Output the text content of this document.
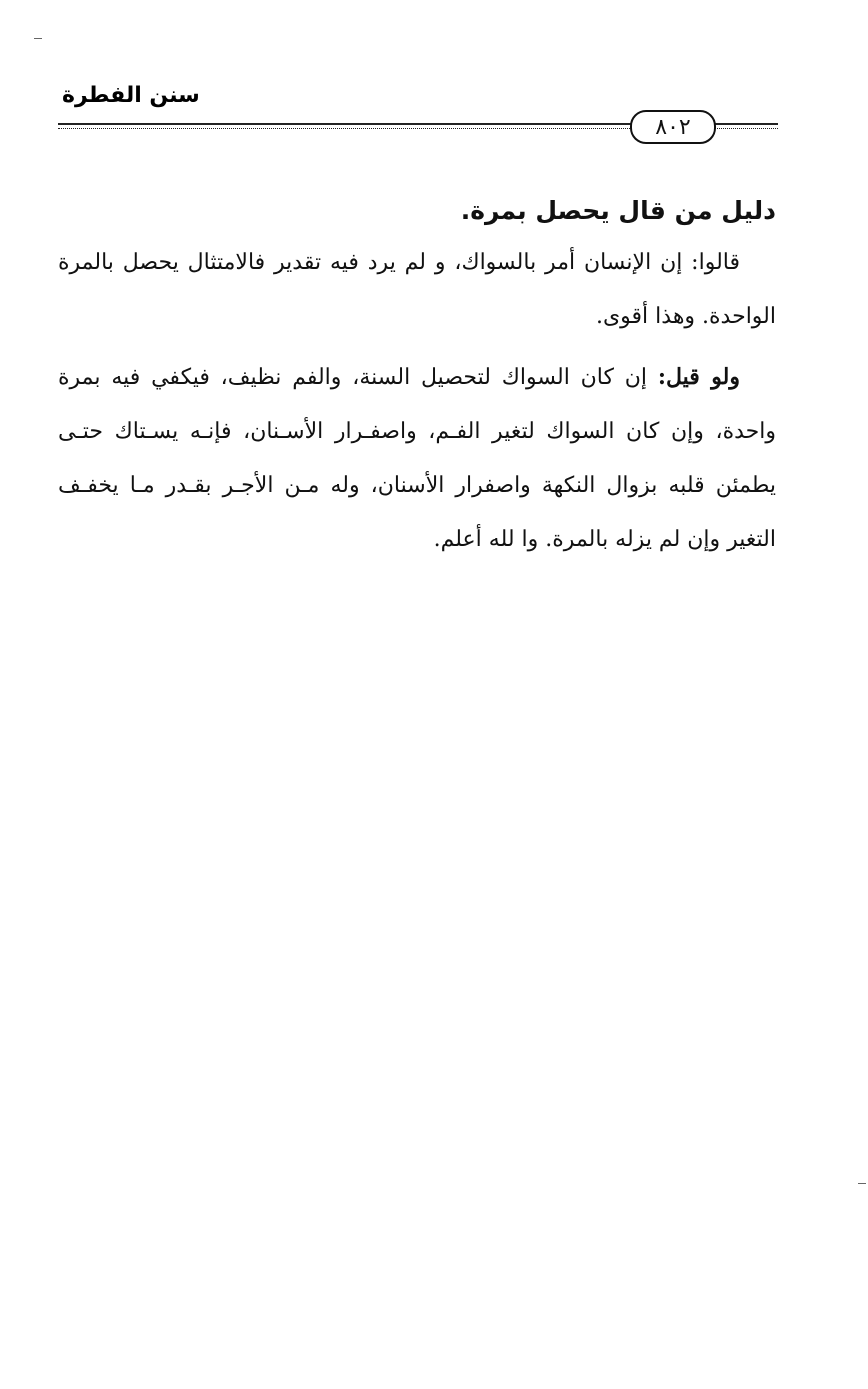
سنن الفطرة
٨٠٢
دليل من قال يحصل بمرة.

قالوا: إن الإنسان أمر بالسواك، و لم يرد فيه تقدير فالامتثال يحصل بالمرة الواحدة. وهذا أقوى.

ولو قيل: إن كان السواك لتحصيل السنة، والفم نظيف، فيكفي فيه بمرة واحدة، وإن كان السواك لتغير الفـم، واصفـرار الأسـنان، فإنـه يسـتاك حتـى يطمئن قلبه بزوال النكهة واصفرار الأسنان، وله مـن الأجـر بقـدر مـا يخفـف التغير وإن لم يزله بالمرة. وا لله أعلم.
